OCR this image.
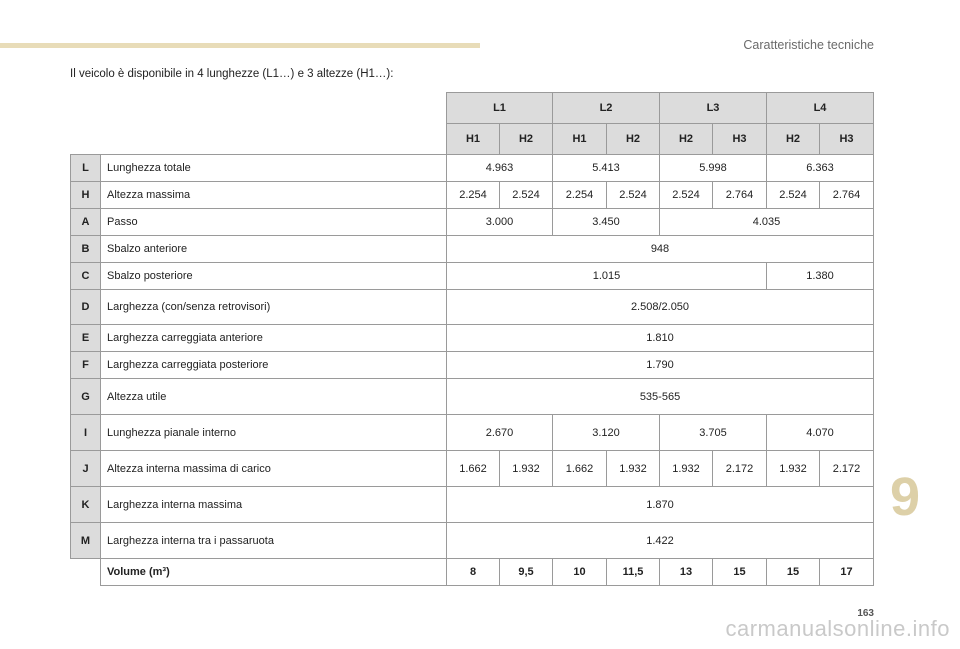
Caratteristiche tecniche
Il veicolo è disponibile in 4 lunghezze (L1…) e 3 altezze (H1…):
		L1		L2		L3		L4	
		H1	H2	H1	H2	H2	H3	H2	H3
L	Lunghezza totale	4.963		5.413		5.998		6.363	
H	Altezza massima	2.254	2.524	2.254	2.524	2.524	2.764	2.524	2.764
A	Passo	3.000		3.450		4.035			
B	Sbalzo anteriore	948							
C	Sbalzo posteriore	1.015						1.380	
D	Larghezza (con/senza retrovisori)	2.508/2.050							
E	Larghezza carreggiata anteriore	1.810							
F	Larghezza carreggiata posteriore	1.790							
G	Altezza utile	535-565							
I	Lunghezza pianale interno	2.670		3.120		3.705		4.070	
J	Altezza interna massima di carico	1.662	1.932	1.662	1.932	1.932	2.172	1.932	2.172
K	Larghezza interna massima	1.870							
M	Larghezza interna tra i passaruota	1.422							
	Volume (m³)	8	9,5	10	11,5	13	15	15	17
9
163
carmanualsonline.info
